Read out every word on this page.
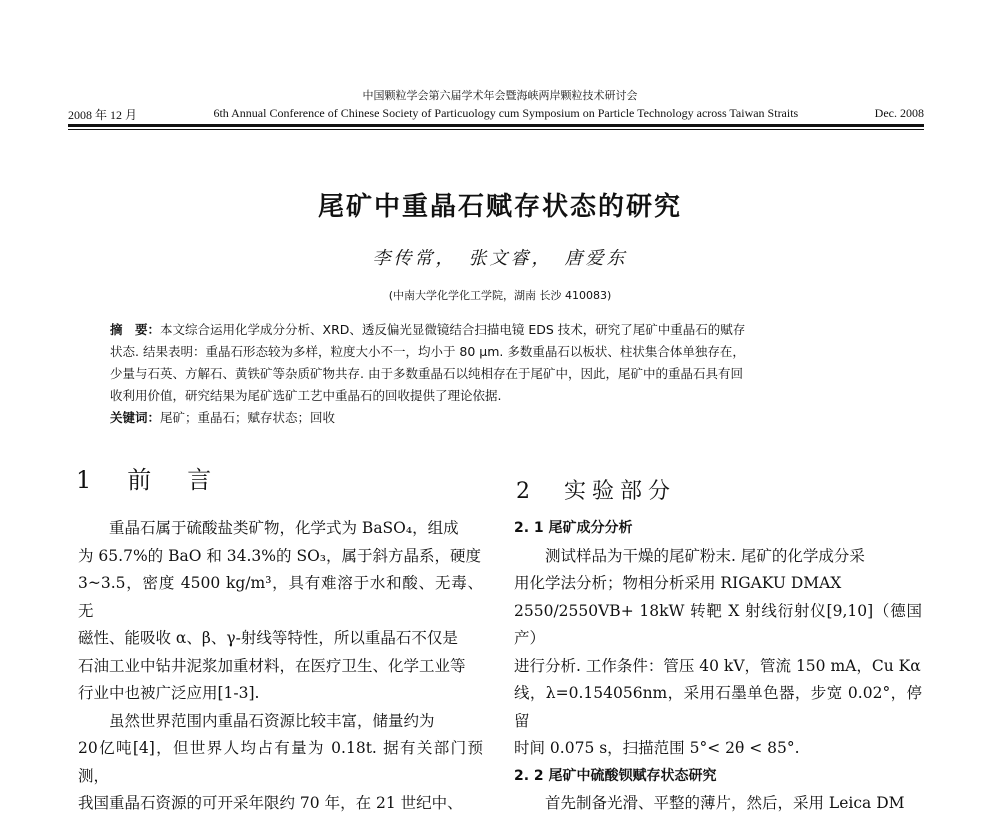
中国颗粒学会第六届学术年会暨海峡两岸颗粒技术研讨会
2008 年 12 月	6th Annual Conference of Chinese Society of Particuology cum Symposium on Particle Technology across Taiwan Straits	Dec. 2008
尾矿中重晶石赋存状态的研究
李传常，　张文睿，　唐爱东
(中南大学化学化工学院，湖南 长沙 410083)
摘　要：本文综合运用化学成分分析、XRD、透反偏光显微镜结合扫描电镜 EDS 技术，研究了尾矿中重晶石的赋存
状态. 结果表明：重晶石形态较为多样，粒度大小不一，均小于 80 μm. 多数重晶石以板状、柱状集合体单独存在，
少量与石英、方解石、黄铁矿等杂质矿物共存. 由于多数重晶石以纯相存在于尾矿中，因此，尾矿中的重晶石具有回
收利用价值，研究结果为尾矿选矿工艺中重晶石的回收提供了理论依据.
关键词：尾矿；重晶石；赋存状态；回收
1　前　言	2　实验部分

重晶石属于硫酸盐类矿物，化学式为 BaSO₄，组成

为 65.7%的 BaO 和 34.3%的 SO₃，属于斜方晶系，硬度

3~3.5，密度 4500 kg/m³，具有难溶于水和酸、无毒、无

磁性、能吸收 α、β、γ-射线等特性，所以重晶石不仅是

石油工业中钻井泥浆加重材料，在医疗卫生、化学工业等

行业中也被广泛应用[1-3].

虽然世界范围内重晶石资源比较丰富，储量约为

20亿吨[4]，但世界人均占有量为 0.18t. 据有关部门预测，

我国重晶石资源的可开采年限约 70 年，在 21 世纪中、

2. 1 尾矿成分分析

测试样品为干燥的尾矿粉末. 尾矿的化学成分采

用化学法分析；物相分析采用 RIGAKU DMAX

2550/2550VB+ 18kW 转靶 X 射线衍射仪[9,10]（德国产）

进行分析. 工作条件：管压 40 kV，管流 150 mA，Cu Kα

线，λ=0.154056nm，采用石墨单色器，步宽 0.02°，停留

时间 0.075 s，扫描范围 5°< 2θ < 85°.

2. 2 尾矿中硫酸钡赋存状态研究

首先制备光滑、平整的薄片，然后，采用 Leica DM
